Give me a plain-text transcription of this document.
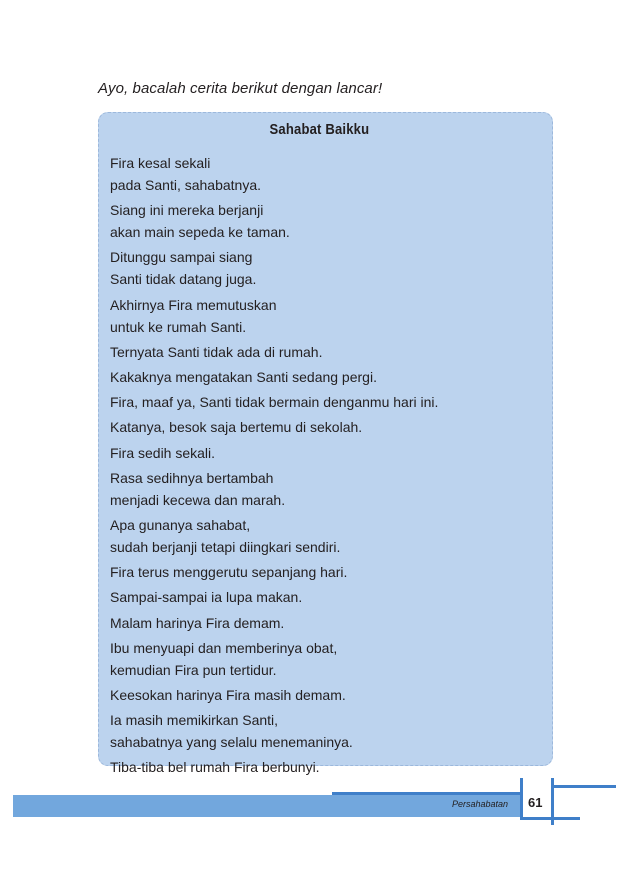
Ayo, bacalah cerita berikut dengan lancar!
Sahabat Baikku
Fira kesal sekali
pada Santi, sahabatnya.
Siang ini mereka berjanji
akan main sepeda ke taman.
Ditunggu sampai siang
Santi tidak datang juga.
Akhirnya Fira memutuskan
untuk ke rumah Santi.
Ternyata Santi tidak ada di rumah.
Kakaknya mengatakan Santi sedang pergi.
Fira, maaf ya, Santi tidak bermain denganmu hari ini.
Katanya, besok saja bertemu di sekolah.
Fira sedih sekali.
Rasa sedihnya bertambah
menjadi kecewa dan marah.
Apa gunanya sahabat,
sudah berjanji tetapi diingkari sendiri.
Fira terus menggerutu sepanjang hari.
Sampai-sampai ia lupa makan.
Malam harinya Fira demam.
Ibu menyuapi dan memberinya obat,
kemudian Fira pun tertidur.
Keesokan harinya Fira masih demam.
Ia masih memikirkan Santi,
sahabatnya yang selalu menemaninya.
Tiba-tiba bel rumah Fira berbunyi.
Persahabatan 61
